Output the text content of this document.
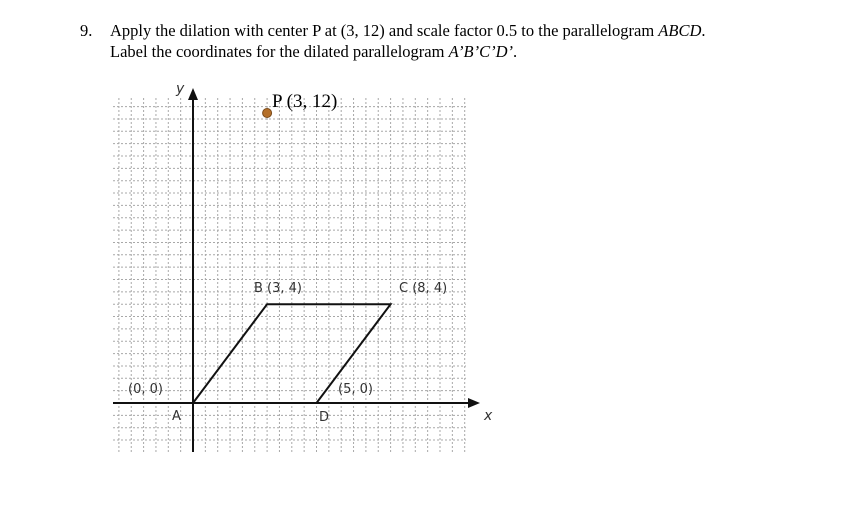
9. Apply the dilation with center P at (3, 12) and scale factor 0.5 to the parallelogram ABCD.
Label the coordinates for the dilated parallelogram A’B’C’D’.
y
x
P (3, 12)
B (3, 4)	C (8, 4)
(0, 0)
A
(5, 0)
D
